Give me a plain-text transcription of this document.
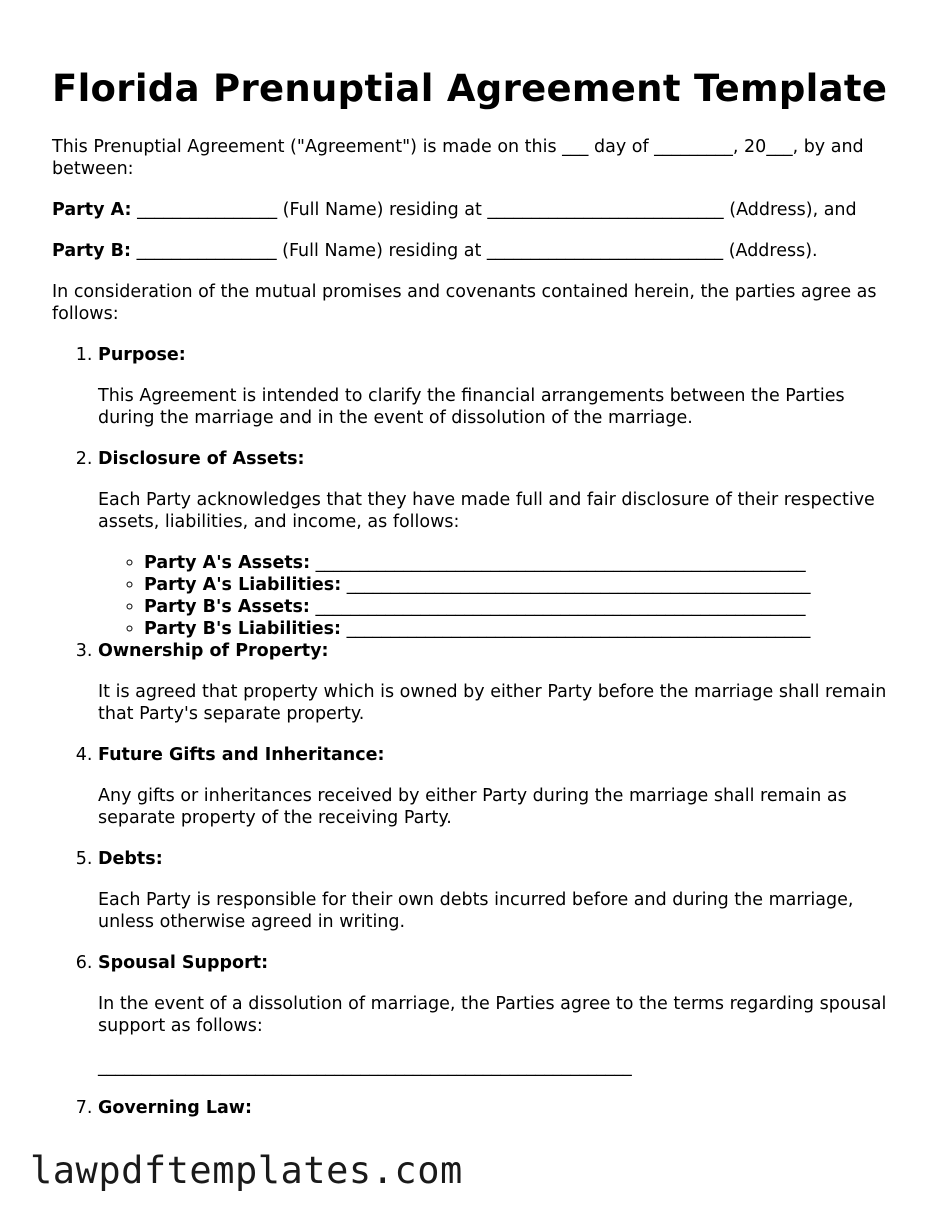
Florida Prenuptial Agreement Template

This Prenuptial Agreement ("Agreement") is made on this ___ day of _________, 20___, by and between:

Party A: ________________ (Full Name) residing at ___________________________ (Address), and

Party B: ________________ (Full Name) residing at ___________________________ (Address).

In consideration of the mutual promises and covenants contained herein, the parties agree as follows:

1. Purpose:

This Agreement is intended to clarify the financial arrangements between the Parties during the marriage and in the event of dissolution of the marriage.

2. Disclosure of Assets:

Each Party acknowledges that they have made full and fair disclosure of their respective assets, liabilities, and income, as follows:

◦ Party A's Assets: ________________________________________________________
◦ Party A's Liabilities: _____________________________________________________
◦ Party B's Assets: ________________________________________________________
◦ Party B's Liabilities: _____________________________________________________
3. Ownership of Property:

It is agreed that property which is owned by either Party before the marriage shall remain that Party's separate property.

4. Future Gifts and Inheritance:

Any gifts or inheritances received by either Party during the marriage shall remain as separate property of the receiving Party.

5. Debts:

Each Party is responsible for their own debts incurred before and during the marriage, unless otherwise agreed in writing.

6. Spousal Support:

In the event of a dissolution of marriage, the Parties agree to the terms regarding spousal support as follows:

_____________________________________________________________
7. Governing Law:
lawpdftemplates.com
